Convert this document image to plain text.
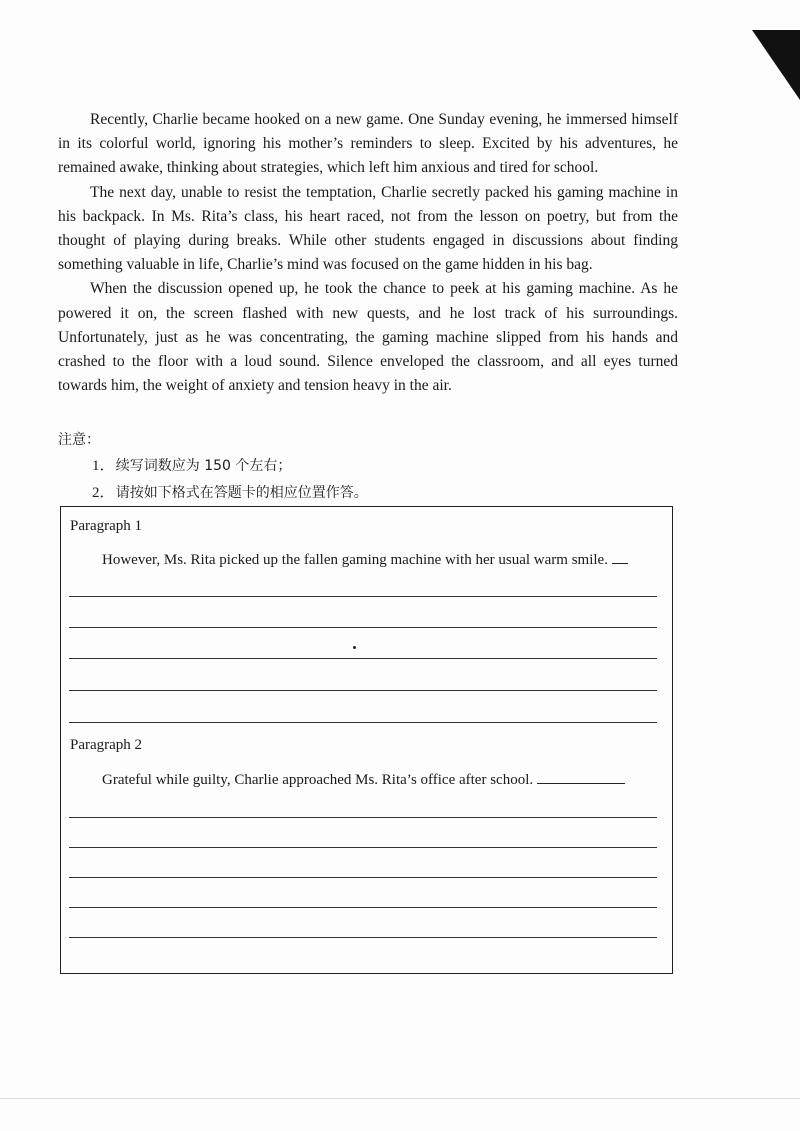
Recently, Charlie became hooked on a new game. One Sunday evening, he immersed himself in its colorful world, ignoring his mother’s reminders to sleep. Excited by his adventures, he remained awake, thinking about strategies, which left him anxious and tired for school.

The next day, unable to resist the temptation, Charlie secretly packed his gaming machine in his backpack. In Ms. Rita’s class, his heart raced, not from the lesson on poetry, but from the thought of playing during breaks. While other students engaged in discussions about finding something valuable in life, Charlie’s mind was focused on the game hidden in his bag.

When the discussion opened up, he took the chance to peek at his gaming machine. As he powered it on, the screen flashed with new quests, and he lost track of his surroundings. Unfortunately, just as he was concentrating, the gaming machine slipped from his hands and crashed to the floor with a loud sound. Silence enveloped the classroom, and all eyes turned towards him, the weight of anxiety and tension heavy in the air.

注意：
1． 续写词数应为 150 个左右；
2． 请按如下格式在答题卡的相应位置作答。
Paragraph 1
However, Ms. Rita picked up the fallen gaming machine with her usual warm smile.
Paragraph 2
Grateful while guilty, Charlie approached Ms. Rita’s office after school.
